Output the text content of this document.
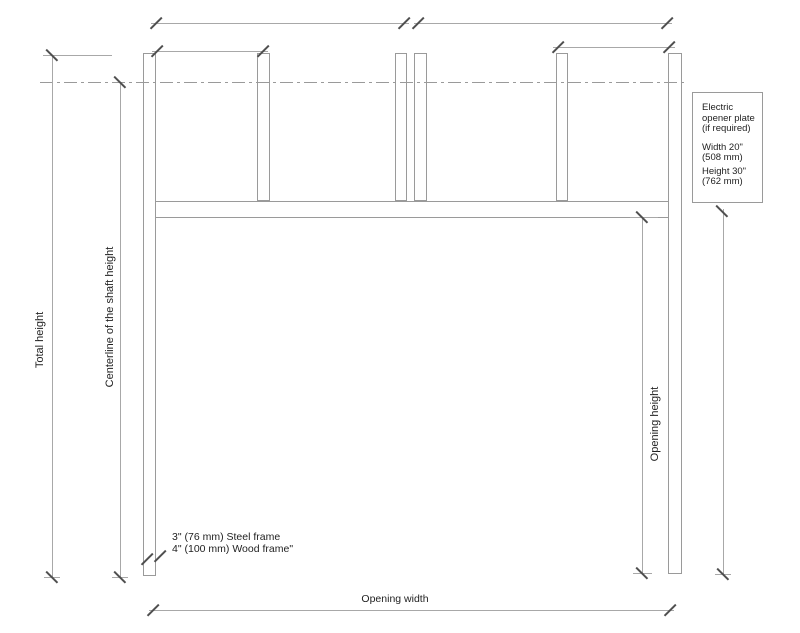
Total height	Centerline of the shaft height
Opening height
Opening width
3" (76 mm) Steel frame
4" (100 mm) Wood frame"
Electric
opener plate
(if required)
Width 20"
(508 mm)
Height 30"
(762 mm)
